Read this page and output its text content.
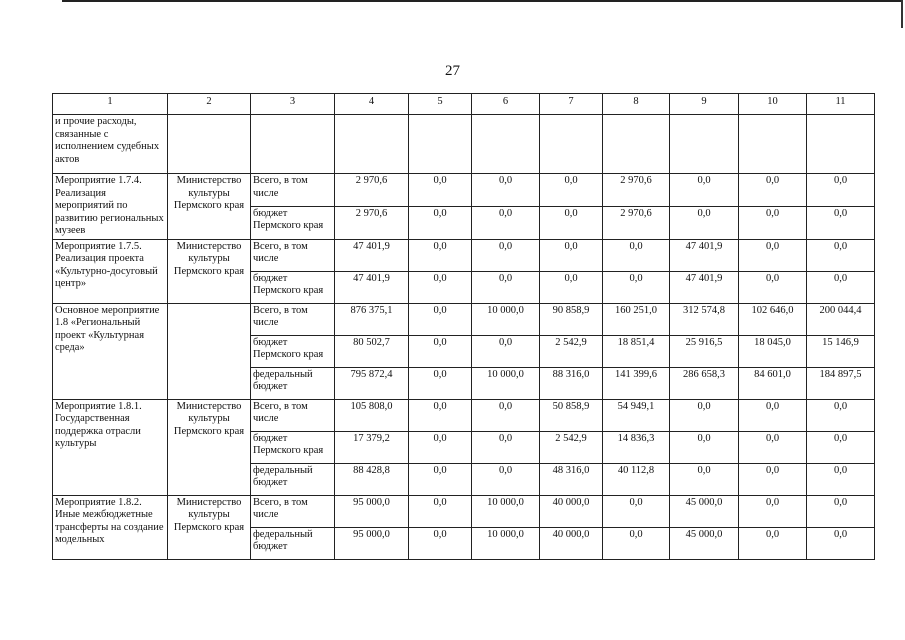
27
1	2	3	4	5	6	7	8	9	10	11
и прочие расходы, связанные с исполнением судебных актов										
Мероприятие 1.7.4. Реализация мероприятий по развитию региональных музеев	Министерство культуры Пермского края	Всего, в том числе	2 970,6	0,0	0,0	0,0	2 970,6	0,0	0,0	0,0
		бюджет Пермского края	2 970,6	0,0	0,0	0,0	2 970,6	0,0	0,0	0,0
Мероприятие 1.7.5. Реализация проекта «Культурно-досуговый центр»	Министерство культуры Пермского края	Всего, в том числе	47 401,9	0,0	0,0	0,0	0,0	47 401,9	0,0	0,0
		бюджет Пермского края	47 401,9	0,0	0,0	0,0	0,0	47 401,9	0,0	0,0
Основное мероприятие 1.8 «Региональный проект «Культурная среда»		Всего, в том числе	876 375,1	0,0	10 000,0	90 858,9	160 251,0	312 574,8	102 646,0	200 044,4
		бюджет Пермского края	80 502,7	0,0	0,0	2 542,9	18 851,4	25 916,5	18 045,0	15 146,9
		федеральный бюджет	795 872,4	0,0	10 000,0	88 316,0	141 399,6	286 658,3	84 601,0	184 897,5
Мероприятие 1.8.1. Государственная поддержка отрасли культуры	Министерство культуры Пермского края	Всего, в том числе	105 808,0	0,0	0,0	50 858,9	54 949,1	0,0	0,0	0,0
		бюджет Пермского края	17 379,2	0,0	0,0	2 542,9	14 836,3	0,0	0,0	0,0
		федеральный бюджет	88 428,8	0,0	0,0	48 316,0	40 112,8	0,0	0,0	0,0
Мероприятие 1.8.2. Иные межбюджетные трансферты на создание модельных	Министерство культуры Пермского края	Всего, в том числе	95 000,0	0,0	10 000,0	40 000,0	0,0	45 000,0	0,0	0,0
		федеральный бюджет	95 000,0	0,0	10 000,0	40 000,0	0,0	45 000,0	0,0	0,0
